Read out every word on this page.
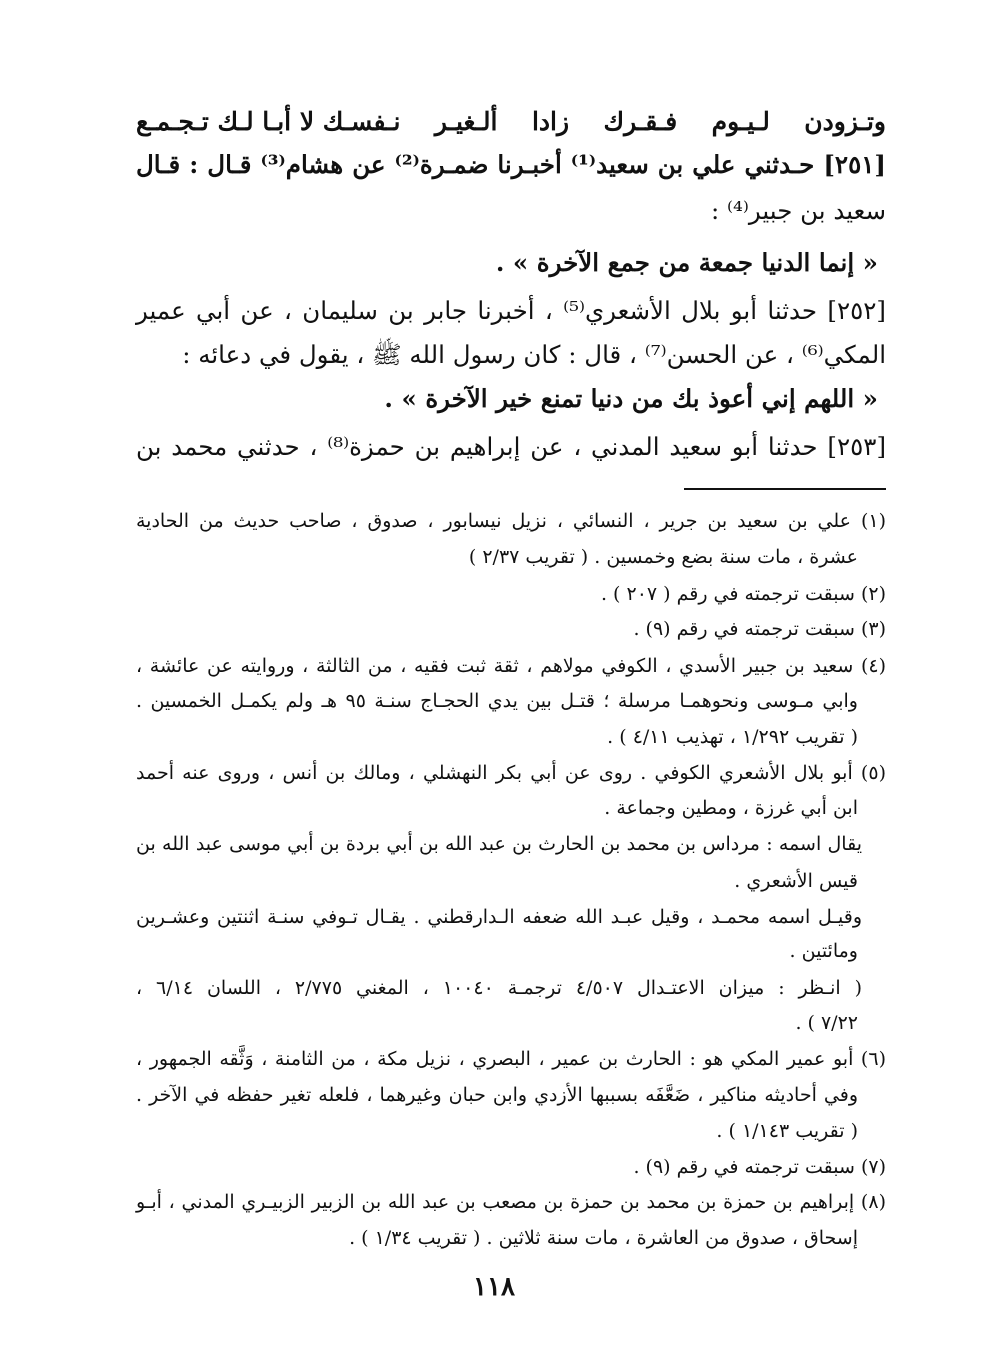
وتـزودن
لـيـوم
فـقـرك
زادا
ألـغيـر
نـفسـك لا أبـا لـك تـجـمـع
[٢٥١] حـدثني علي بن سعيد⁽¹⁾ أخبـرنا ضمـرة⁽²⁾ عن هشام⁽³⁾ قـال : قـال
سعيد بن جبير⁽⁴⁾ :
« إنما الدنيا جمعة من جمع الآخرة » .
[٢٥٢] حدثنا أبو بلال الأشعري⁽⁵⁾ ، أخبرنا جابر بن سليمان ، عن أبي عمير
المكي⁽⁶⁾ ، عن الحسن⁽⁷⁾ ، قال : كان رسول الله ﷺ ، يقول في دعائه :
« اللهم إني أعوذ بك من دنيا تمنع خير الآخرة » .
[٢٥٣] حدثنا أبو سعيد المدني ، عن إبراهيم بن حمزة⁽⁸⁾ ، حدثني محمد بن
(١) علي بن سعيد بن جرير ، النسائي ، نزيل نيسابور ، صدوق ، صاحب حديث من الحادية
عشرة ، مات سنة بضع وخمسين . ( تقريب ٢/٣٧ )
(٢) سبقت ترجمته في رقم ( ٢٠٧ ) .
(٣) سبقت ترجمته في رقم (٩) .
(٤) سعيد بن جبير الأسدي ، الكوفي مولاهم ، ثقة ثبت فقيه ، من الثالثة ، وروايته عن عائشة ،
وابي مـوسى ونحوهمـا مرسلة ؛ قتـل بين يدي الحجـاج سنـة ٩٥ هـ ولم يكمـل الخمسين .
( تقريب ١/٢٩٢ ، تهذيب ٤/١١ ) .
(٥) أبو بلال الأشعري الكوفي . روى عن أبي بكر النهشلي ، ومالك بن أنس ، وروى عنه أحمد
ابن أبي غرزة ، ومطين وجماعة .
يقال اسمه : مرداس بن محمد بن الحارث بن عبد الله بن أبي بردة بن أبي موسى عبد الله بن
قيس الأشعري .
وقيـل اسمه محمـد ، وقيل عبـد الله ضعفه الـدارقطني . يقـال تـوفي سنـة اثنتين وعشـرين
ومائتين .
( انـظر : ميزان الاعتـدال ٤/٥٠٧ ترجمـة ١٠٠٤٠ ، المغني ٢/٧٧٥ ، اللسان ٦/١٤ ،
٧/٢٢ ) .
(٦) أبو عمير المكي هو : الحارث بن عمير ، البصري ، نزيل مكة ، من الثامنة ، وَثَّقه الجمهور ،
وفي أحاديثه مناكير ، ضَعَّفَه بسببها الأزدي وابن حبان وغيرهما ، فلعله تغير حفظه في الآخر .
( تقريب ١/١٤٣ ) .
(٧) سبقت ترجمته في رقم (٩) .
(٨) إبراهيم بن حمزة بن محمد بن حمزة بن مصعب بن عبد الله بن الزبير الزبيـري المدني ، أبـو
إسحاق ، صدوق من العاشرة ، مات سنة ثلاثين . ( تقريب ١/٣٤ ) .
١١٨
